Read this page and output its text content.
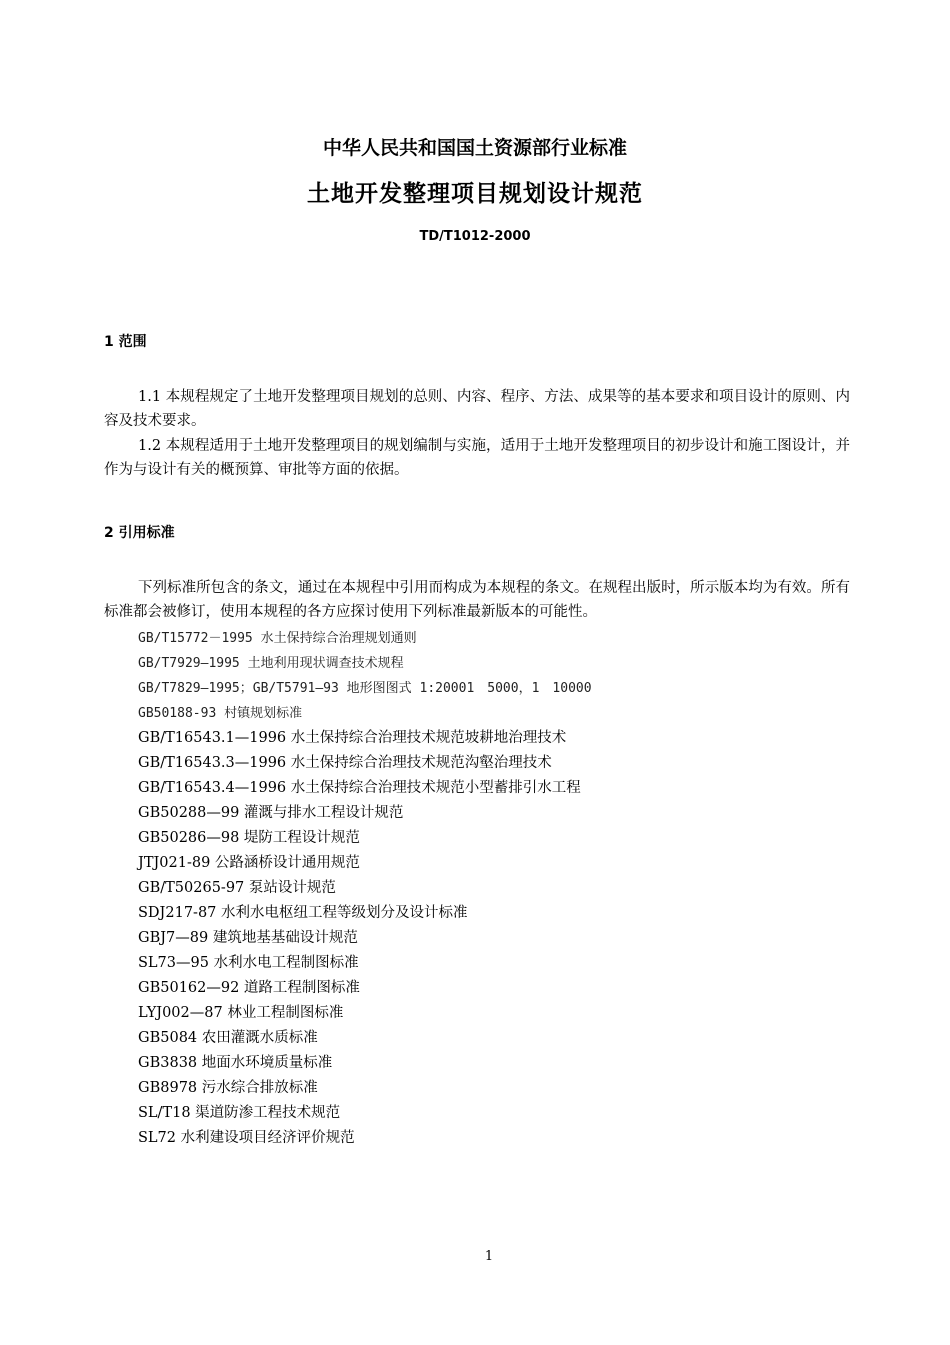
中华人民共和国国土资源部行业标准
土地开发整理项目规划设计规范
TD/T1012-2000
1 范围
1.1 本规程规定了土地开发整理项目规划的总则、内容、程序、方法、成果等的基本要求和项目设计的原则、内容及技术要求。
1.2 本规程适用于土地开发整理项目的规划编制与实施，适用于土地开发整理项目的初步设计和施工图设计，并作为与设计有关的概预算、审批等方面的依据。
2 引用标准
下列标准所包含的条文，通过在本规程中引用而构成为本规程的条文。在规程出版时，所示版本均为有效。所有标准都会被修订，使用本规程的各方应探讨使用下列标准最新版本的可能性。
GB/T15772－1995 水土保持综合治理规划通则
GB/T7929—1995 土地利用现状调查技术规程
GB/T7829—1995；GB/T5791—93 地形图图式 1:20001　5000，1　10000
GB50188-93 村镇规划标准
GB/T16543.1—1996 水土保持综合治理技术规范坡耕地治理技术
GB/T16543.3—1996 水土保持综合治理技术规范沟壑治理技术
GB/T16543.4—1996 水土保持综合治理技术规范小型蓄排引水工程
GB50288—99 灌溉与排水工程设计规范
GB50286—98 堤防工程设计规范
JTJ021-89 公路涵桥设计通用规范
GB/T50265-97 泵站设计规范
SDJ217-87 水利水电枢纽工程等级划分及设计标准
GBJ7—89 建筑地基基础设计规范
SL73—95 水利水电工程制图标准
GB50162—92 道路工程制图标准
LYJ002—87 林业工程制图标准
GB5084 农田灌溉水质标准
GB3838 地面水环境质量标准
GB8978 污水综合排放标准
SL/T18 渠道防渗工程技术规范
SL72 水利建设项目经济评价规范
1
